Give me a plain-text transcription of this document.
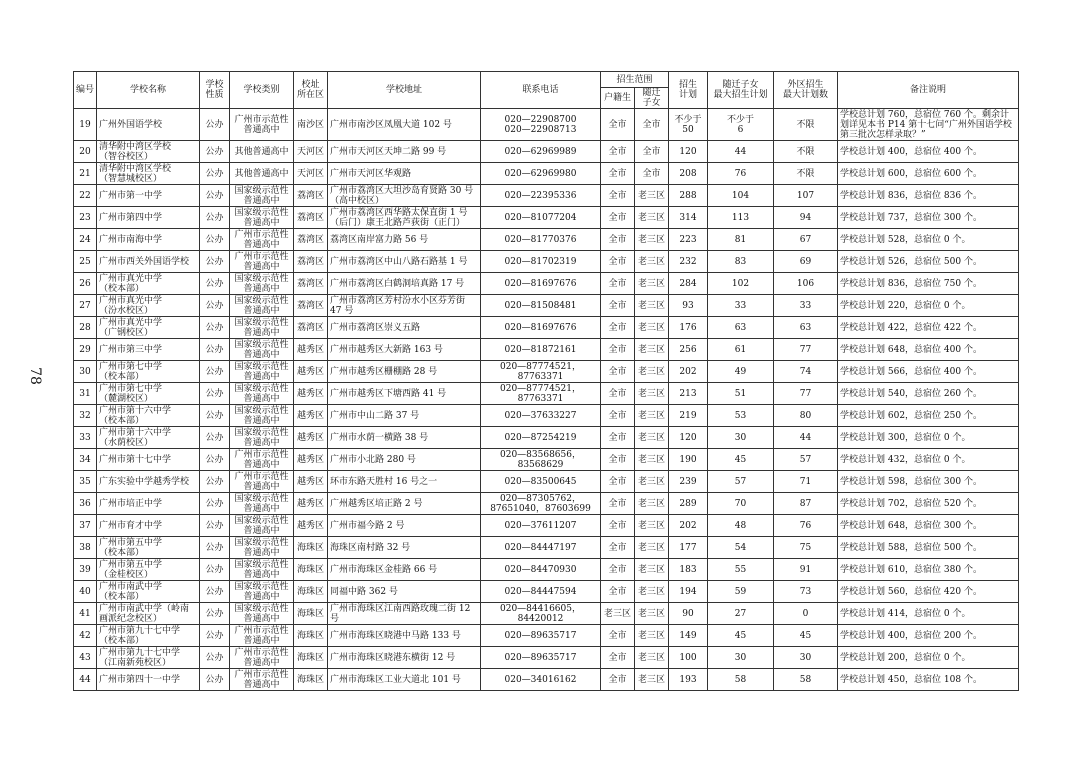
78
编号	学校名称	学校
性质	学校类别	校址
所在区	学校地址	联系电话	招生范围		招生
计划	随迁子女
最大招生计划	外区招生
最大计划数	备注说明
							户籍生	随迁
子女				
19	广州外国语学校	公办	广州市示范性
普通高中	南沙区	广州市南沙区凤凰大道 102 号	020—22908700
020—22908713	全市	全市	不少于
50	不少于
6	不限	学校总计划 760，总宿位 760 个。剩余计划详见本书 P14 第十七问“广州外国语学校第三批次怎样录取？”
20	清华附中湾区学校
（智谷校区）	公办	其他普通高中	天河区	广州市天河区天坤二路 99 号	020—62969989	全市	全市	120	44	不限	学校总计划 400，总宿位 400 个。
21	清华附中湾区学校
（智慧城校区）	公办	其他普通高中	天河区	广州市天河区华观路	020—62969980	全市	全市	208	76	不限	学校总计划 600，总宿位 600 个。
22	广州市第一中学	公办	国家级示范性
普通高中	荔湾区	广州市荔湾区大坦沙岛育贤路 30 号（高中校区）	020—22395336	全市	老三区	288	104	107	学校总计划 836，总宿位 836 个。
23	广州市第四中学	公办	国家级示范性
普通高中	荔湾区	广州市荔湾区西华路太保直街 1 号（后门）康王北路芦荻街（正门）	020—81077204	全市	老三区	314	113	94	学校总计划 737，总宿位 300 个。
24	广州市南海中学	公办	广州市示范性
普通高中	荔湾区	荔湾区南岸富力路 56 号	020—81770376	全市	老三区	223	81	67	学校总计划 528，总宿位 0 个。
25	广州市西关外国语学校	公办	广州市示范性
普通高中	荔湾区	广州市荔湾区中山八路石路基 1 号	020—81702319	全市	老三区	232	83	69	学校总计划 526，总宿位 500 个。
26	广州市真光中学
（校本部）	公办	国家级示范性
普通高中	荔湾区	广州市荔湾区白鹤洞培真路 17 号	020—81697676	全市	老三区	284	102	106	学校总计划 836，总宿位 750 个。
27	广州市真光中学
（汾水校区）	公办	国家级示范性
普通高中	荔湾区	广州市荔湾区芳村汾水小区芬芳街 47 号	020—81508481	全市	老三区	93	33	33	学校总计划 220，总宿位 0 个。
28	广州市真光中学
（广钢校区）	公办	国家级示范性
普通高中	荔湾区	广州市荔湾区崇义五路	020—81697676	全市	老三区	176	63	63	学校总计划 422，总宿位 422 个。
29	广州市第三中学	公办	国家级示范性
普通高中	越秀区	广州市越秀区大新路 163 号	020—81872161	全市	老三区	256	61	77	学校总计划 648，总宿位 400 个。
30	广州市第七中学
（校本部）	公办	国家级示范性
普通高中	越秀区	广州市越秀区栅棚路 28 号	020—87774521，87763371	全市	老三区	202	49	74	学校总计划 566，总宿位 400 个。
31	广州市第七中学
（麓湖校区）	公办	国家级示范性
普通高中	越秀区	广州市越秀区下塘西路 41 号	020—87774521，87763371	全市	老三区	213	51	77	学校总计划 540，总宿位 260 个。
32	广州市第十六中学
（校本部）	公办	国家级示范性
普通高中	越秀区	广州市中山二路 37 号	020—37633227	全市	老三区	219	53	80	学校总计划 602，总宿位 250 个。
33	广州市第十六中学
（水荫校区）	公办	国家级示范性
普通高中	越秀区	广州市水荫一横路 38 号	020—87254219	全市	老三区	120	30	44	学校总计划 300，总宿位 0 个。
34	广州市第十七中学	公办	广州市示范性
普通高中	越秀区	广州市小北路 280 号	020—83568656，83568629	全市	老三区	190	45	57	学校总计划 432，总宿位 0 个。
35	广东实验中学越秀学校	公办	广州市示范性
普通高中	越秀区	环市东路天胜村 16 号之一	020—83500645	全市	老三区	239	57	71	学校总计划 598，总宿位 300 个。
36	广州市培正中学	公办	国家级示范性
普通高中	越秀区	广州越秀区培正路 2 号	020—87305762，87651040，87603699	全市	老三区	289	70	87	学校总计划 702，总宿位 520 个。
37	广州市育才中学	公办	国家级示范性
普通高中	越秀区	广州市福今路 2 号	020—37611207	全市	老三区	202	48	76	学校总计划 648，总宿位 300 个。
38	广州市第五中学
（校本部）	公办	国家级示范性
普通高中	海珠区	海珠区南村路 32 号	020—84447197	全市	老三区	177	54	75	学校总计划 588，总宿位 500 个。
39	广州市第五中学
（金桂校区）	公办	国家级示范性
普通高中	海珠区	广州市海珠区金桂路 66 号	020—84470930	全市	老三区	183	55	91	学校总计划 610，总宿位 380 个。
40	广州市南武中学
（校本部）	公办	国家级示范性
普通高中	海珠区	同福中路 362 号	020—84447594	全市	老三区	194	59	73	学校总计划 560，总宿位 420 个。
41	广州市南武中学（岭南画派纪念校区）	公办	国家级示范性
普通高中	海珠区	广州市海珠区江南西路玫瑰二街 12 号	020—84416605，84420012	老三区	老三区	90	27	0	学校总计划 414，总宿位 0 个。
42	广州市第九十七中学
（校本部）	公办	广州市示范性
普通高中	海珠区	广州市海珠区晓港中马路 133 号	020—89635717	全市	老三区	149	45	45	学校总计划 400，总宿位 200 个。
43	广州市第九十七中学
（江南新苑校区）	公办	广州市示范性
普通高中	海珠区	广州市海珠区晓港东横街 12 号	020—89635717	全市	老三区	100	30	30	学校总计划 200，总宿位 0 个。
44	广州市第四十一中学	公办	广州市示范性
普通高中	海珠区	广州市海珠区工业大道北 101 号	020—34016162	全市	老三区	193	58	58	学校总计划 450，总宿位 108 个。
